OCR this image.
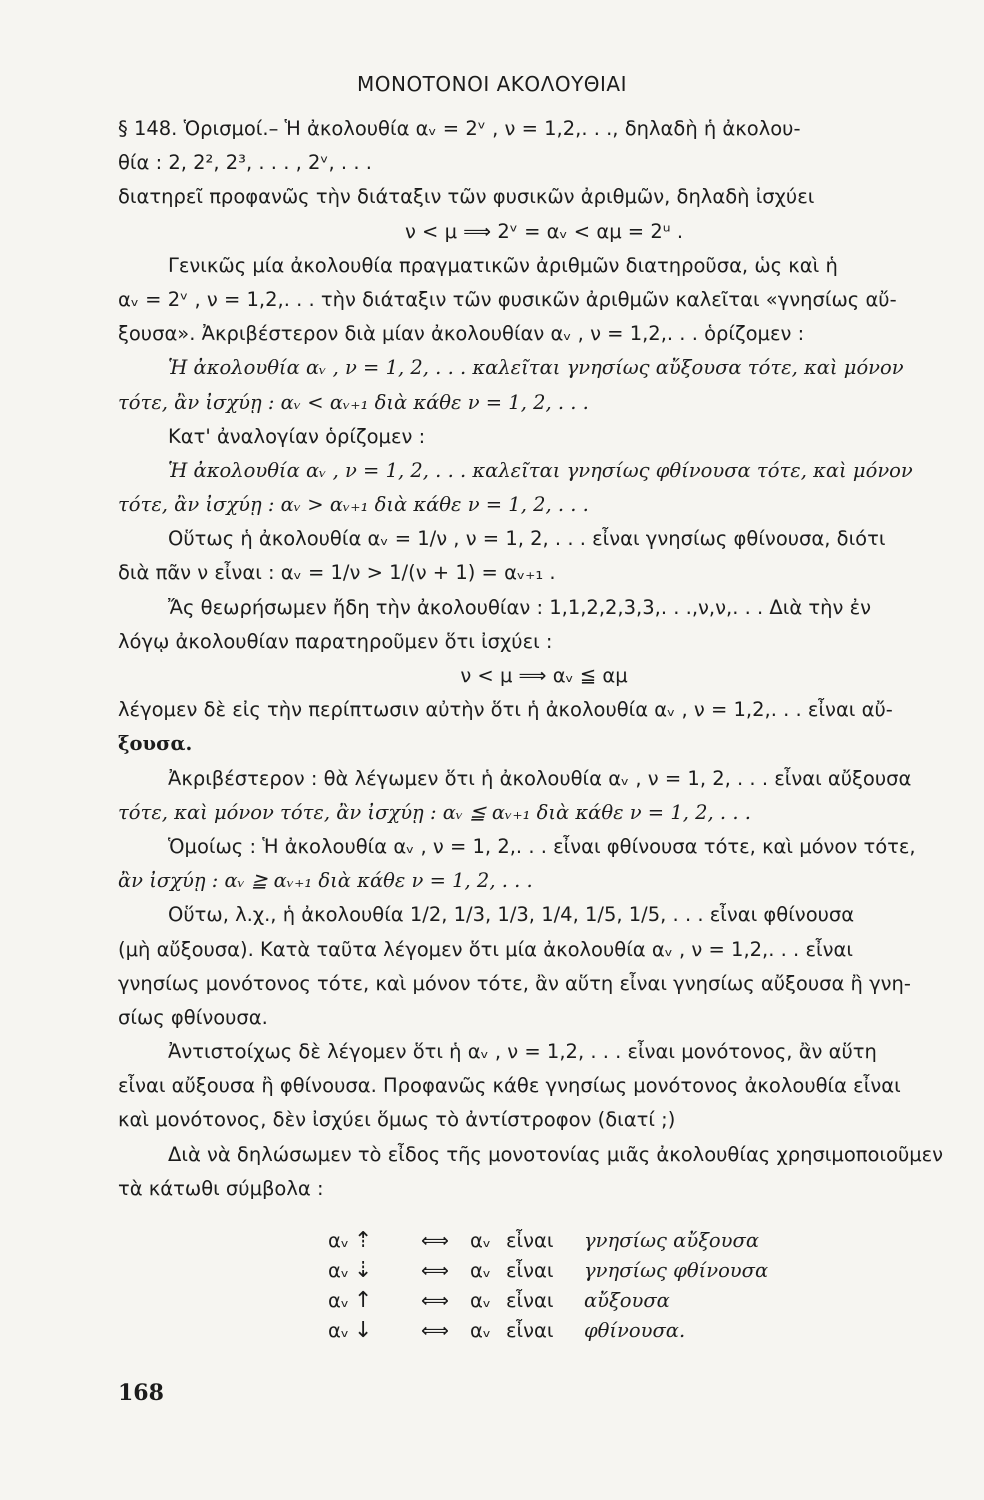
ΜΟΝΟΤΟΝΟΙ ΑΚΟΛΟΥΘΙΑΙ
§ 148. Ὁρισμοί.– Ἡ ἀκολουθία αᵥ = 2ᵛ , ν = 1,2,. . ., δηλαδὴ ἡ ἀκολου-
θία : 2, 2², 2³, . . . , 2ᵛ, . . .
διατηρεῖ προφανῶς τὴν διάταξιν τῶν φυσικῶν ἀριθμῶν, δηλαδὴ ἰσχύει
ν < μ ⟹ 2ᵛ = αᵥ < αμ = 2ᵘ .
Γενικῶς μία ἀκολουθία πραγματικῶν ἀριθμῶν διατηροῦσα, ὡς καὶ ἡ
αᵥ = 2ᵛ , ν = 1,2,. . . τὴν διάταξιν τῶν φυσικῶν ἀριθμῶν καλεῖται «γνησίως αὔ-
ξουσα». Ἀκριβέστερον διὰ μίαν ἀκολουθίαν αᵥ , ν = 1,2,. . . ὁρίζομεν :
Ἡ ἀκολουθία αᵥ , ν = 1, 2, . . . καλεῖται γνησίως αὔξουσα τότε, καὶ μόνον
τότε, ἂν ἰσχύῃ : αᵥ < αᵥ₊₁ διὰ κάθε ν = 1, 2, . . .
Κατ' ἀναλογίαν ὁρίζομεν :
Ἡ ἀκολουθία αᵥ , ν = 1, 2, . . . καλεῖται γνησίως φθίνουσα τότε, καὶ μόνον
τότε, ἂν ἰσχύῃ : αᵥ > αᵥ₊₁ διὰ κάθε ν = 1, 2, . . .
Οὕτως ἡ ἀκολουθία αᵥ = 1/ν , ν = 1, 2, . . . εἶναι γνησίως φθίνουσα, διότι
διὰ πᾶν ν εἶναι : αᵥ = 1/ν > 1/(ν + 1) = αᵥ₊₁ .
Ἄς θεωρήσωμεν ἤδη τὴν ἀκολουθίαν : 1,1,2,2,3,3,. . .,ν,ν,. . . Διὰ τὴν ἐν
λόγῳ ἀκολουθίαν παρατηροῦμεν ὅτι ἰσχύει :
ν < μ ⟹ αᵥ ≦ αμ
λέγομεν δὲ εἰς τὴν περίπτωσιν αὐτὴν ὅτι ἡ ἀκολουθία αᵥ , ν = 1,2,. . . εἶναι αὔ-
ξουσα.
Ἀκριβέστερον : θὰ λέγωμεν ὅτι ἡ ἀκολουθία αᵥ , ν = 1, 2, . . . εἶναι αὔξουσα
τότε, καὶ μόνον τότε, ἂν ἰσχύῃ : αᵥ ≦ αᵥ₊₁ διὰ κάθε ν = 1, 2, . . .
Ὁμοίως : Ἡ ἀκολουθία αᵥ , ν = 1, 2,. . . εἶναι φθίνουσα τότε, καὶ μόνον τότε,
ἂν ἰσχύῃ : αᵥ ≧ αᵥ₊₁ διὰ κάθε ν = 1, 2, . . .
Οὕτω, λ.χ., ἡ ἀκολουθία 1/2, 1/3, 1/3, 1/4, 1/5, 1/5, . . . εἶναι φθίνουσα
(μὴ αὔξουσα). Κατὰ ταῦτα λέγομεν ὅτι μία ἀκολουθία αᵥ , ν = 1,2,. . . εἶναι
γνησίως μονότονος τότε, καὶ μόνον τότε, ἂν αὕτη εἶναι γνησίως αὔξουσα ἢ γνη-
σίως φθίνουσα.
Ἀντιστοίχως δὲ λέγομεν ὅτι ἡ αᵥ , ν = 1,2, . . . εἶναι μονότονος, ἂν αὕτη
εἶναι αὔξουσα ἢ φθίνουσα. Προφανῶς κάθε γνησίως μονότονος ἀκολουθία εἶναι
καὶ μονότονος, δὲν ἰσχύει ὅμως τὸ ἀντίστροφον (διατί ;)
Διὰ νὰ δηλώσωμεν τὸ εἶδος τῆς μονοτονίας μιᾶς ἀκολουθίας χρησιμοποιοῦμεν
τὰ κάτωθι σύμβολα :
αᵥ ⇡	⟺	αᵥ εἶναι	γνησίως αὔξουσα
αᵥ ⇣	⟺	αᵥ εἶναι	γνησίως φθίνουσα
αᵥ ↑	⟺	αᵥ εἶναι	αὔξουσα
αᵥ ↓	⟺	αᵥ εἶναι	φθίνουσα.
168
